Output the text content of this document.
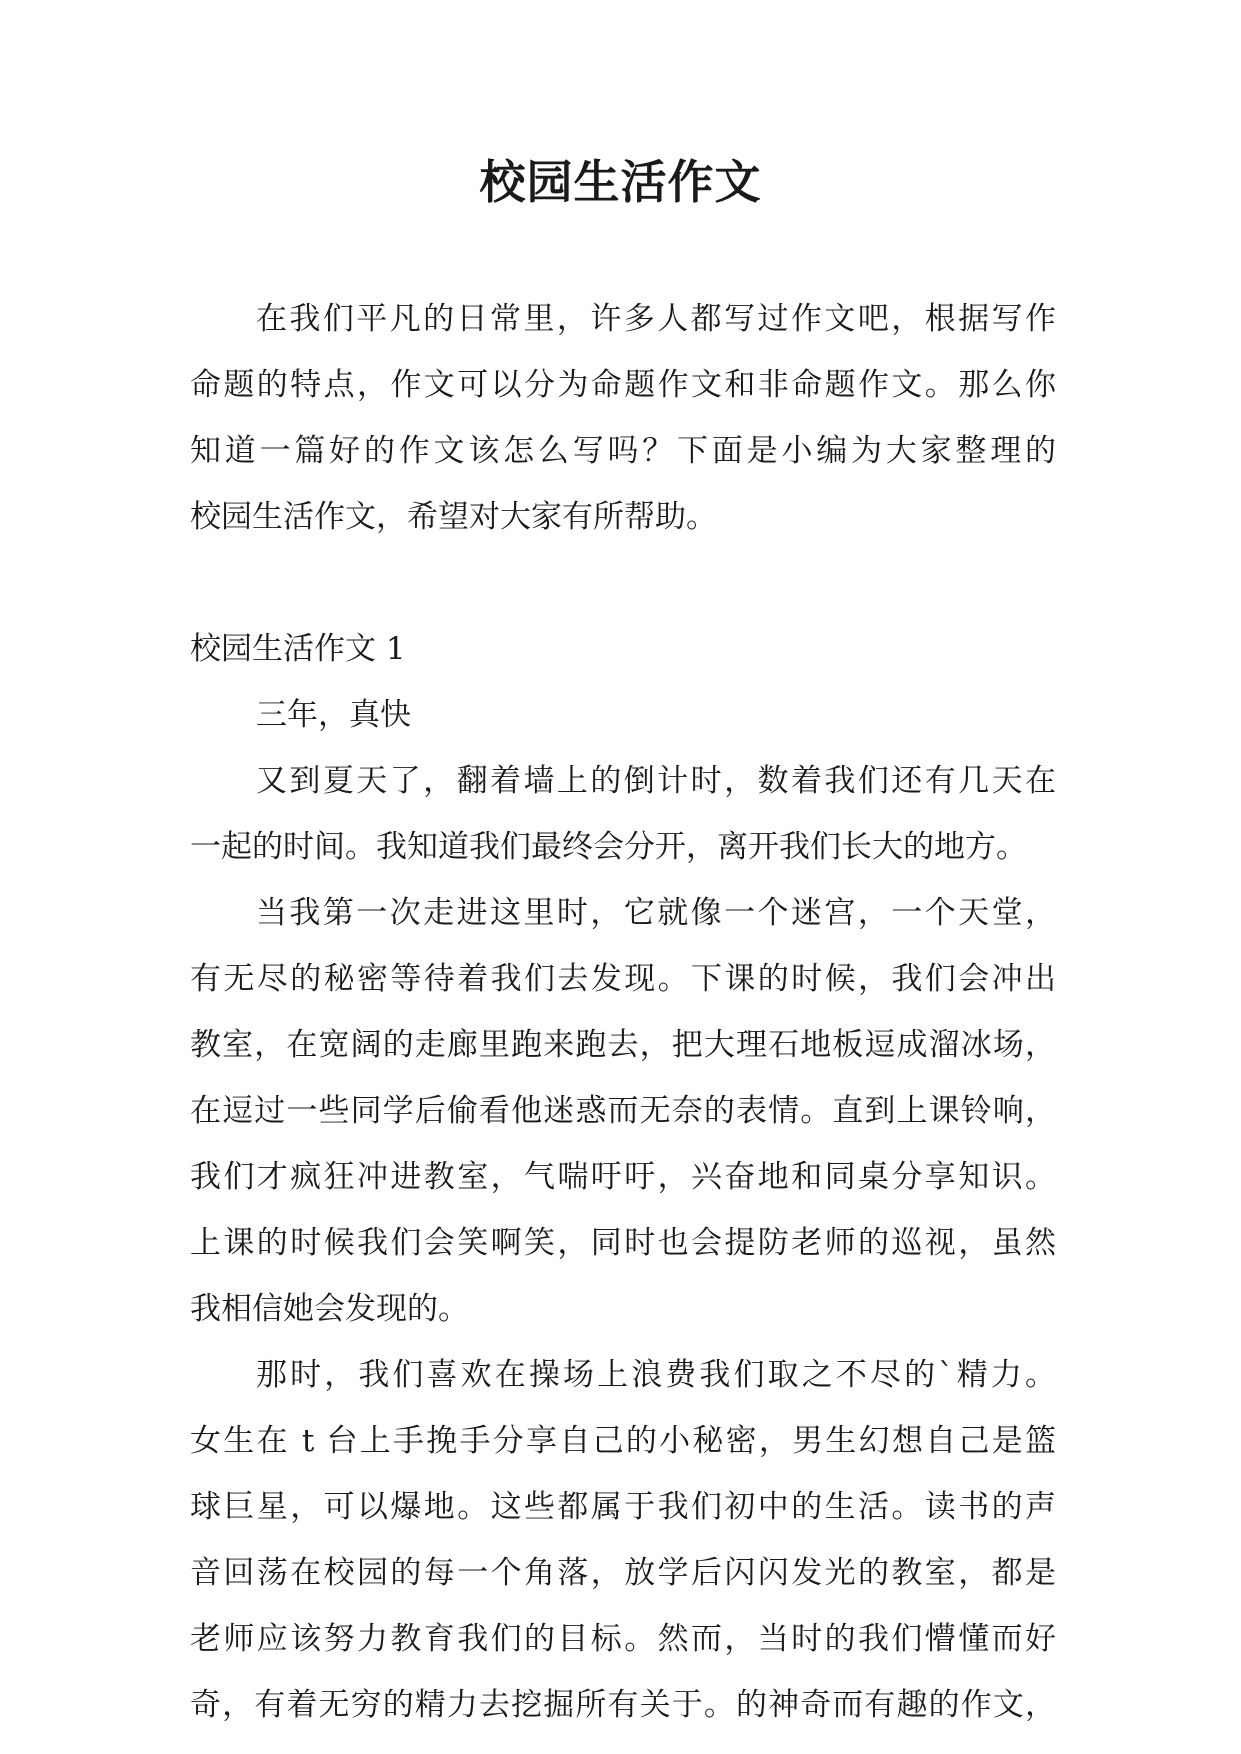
校园生活作文
在我们平凡的日常里，许多人都写过作文吧，根据写作
命题的特点，作文可以分为命题作文和非命题作文。那么你
知道一篇好的作文该怎么写吗？下面是小编为大家整理的
校园生活作文，希望对大家有所帮助。
校园生活作文 1
三年，真快
又到夏天了，翻着墙上的倒计时，数着我们还有几天在
一起的时间。我知道我们最终会分开，离开我们长大的地方。
当我第一次走进这里时，它就像一个迷宫，一个天堂，
有无尽的秘密等待着我们去发现。下课的时候，我们会冲出
教室，在宽阔的走廊里跑来跑去，把大理石地板逗成溜冰场，
在逗过一些同学后偷看他迷惑而无奈的表情。直到上课铃响，
我们才疯狂冲进教室，气喘吁吁，兴奋地和同桌分享知识。
上课的时候我们会笑啊笑，同时也会提防老师的巡视，虽然
我相信她会发现的。
那时，我们喜欢在操场上浪费我们取之不尽的`精力。
女生在 t 台上手挽手分享自己的小秘密，男生幻想自己是篮
球巨星，可以爆地。这些都属于我们初中的生活。读书的声
音回荡在校园的每一个角落，放学后闪闪发光的教室，都是
老师应该努力教育我们的目标。然而，当时的我们懵懂而好
奇，有着无穷的精力去挖掘所有关于。的神奇而有趣的作文，
